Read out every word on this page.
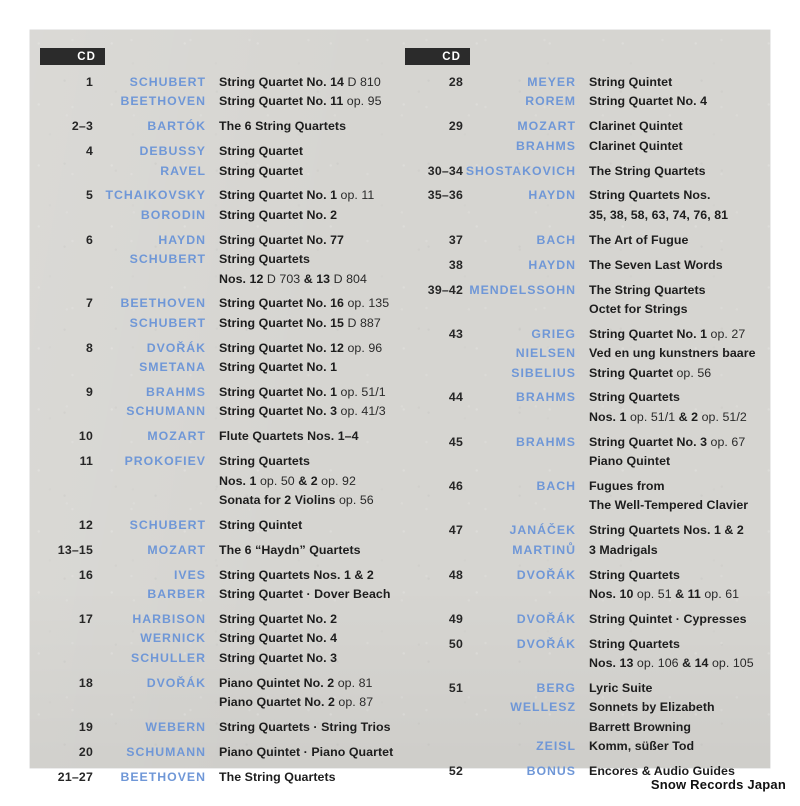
CD	CD
1	SCHUBERT	String Quartet No. 14 D 810
BEETHOVEN	String Quartet No. 11 op. 95
2–3	BARTÓK	The 6 String Quartets
4	DEBUSSY	String Quartet
RAVEL	String Quartet
5	TCHAIKOVSKY	String Quartet No. 1 op. 11
BORODIN	String Quartet No. 2
6	HAYDN	String Quartet No. 77
SCHUBERT	String Quartets
Nos. 12 D 703 & 13 D 804
7	BEETHOVEN	String Quartet No. 16 op. 135
SCHUBERT	String Quartet No. 15 D 887
8	DVOŘÁK	String Quartet No. 12 op. 96
SMETANA	String Quartet No. 1
9	BRAHMS	String Quartet No. 1 op. 51/1
SCHUMANN	String Quartet No. 3 op. 41/3
10	MOZART	Flute Quartets Nos. 1–4
11	PROKOFIEV	String Quartets
Nos. 1 op. 50 & 2 op. 92
Sonata for 2 Violins op. 56
12	SCHUBERT	String Quintet
13–15	MOZART	The 6 “Haydn” Quartets
16	IVES	String Quartets Nos. 1 & 2
BARBER	String Quartet · Dover Beach
17	HARBISON	String Quartet No. 2
WERNICK	String Quartet No. 4
SCHULLER	String Quartet No. 3
18	DVOŘÁK	Piano Quintet No. 2 op. 81
Piano Quartet No. 2 op. 87
19	WEBERN	String Quartets · String Trios
20	SCHUMANN	Piano Quintet · Piano Quartet
21–27	BEETHOVEN	The String Quartets
28	MEYER	String Quintet
ROREM	String Quartet No. 4
29	MOZART	Clarinet Quintet
BRAHMS	Clarinet Quintet
30–34 SHOSTAKOVICH	The String Quartets
35–36	HAYDN	String Quartets Nos.
35, 38, 58, 63, 74, 76, 81
37	BACH	The Art of Fugue
38	HAYDN	The Seven Last Words
39–42 MENDELSSOHN	The String Quartets
Octet for Strings
43	GRIEG	String Quartet No. 1 op. 27
NIELSEN	Ved en ung kunstners baare
SIBELIUS	String Quartet op. 56
44	BRAHMS	String Quartets
Nos. 1 op. 51/1 & 2 op. 51/2
45	BRAHMS	String Quartet No. 3 op. 67
Piano Quintet
46	BACH	Fugues from
The Well-Tempered Clavier
47	JANÁČEK	String Quartets Nos. 1 & 2
MARTINŮ	3 Madrigals
48	DVOŘÁK	String Quartets
Nos. 10 op. 51 & 11 op. 61
49	DVOŘÁK	String Quintet · Cypresses
50	DVOŘÁK	String Quartets
Nos. 13 op. 106 & 14 op. 105
51	BERG	Lyric Suite
WELLESZ	Sonnets by Elizabeth
Barrett Browning
ZEISL	Komm, süßer Tod
52	BONUS	Encores & Audio Guides
Snow Records Japan
